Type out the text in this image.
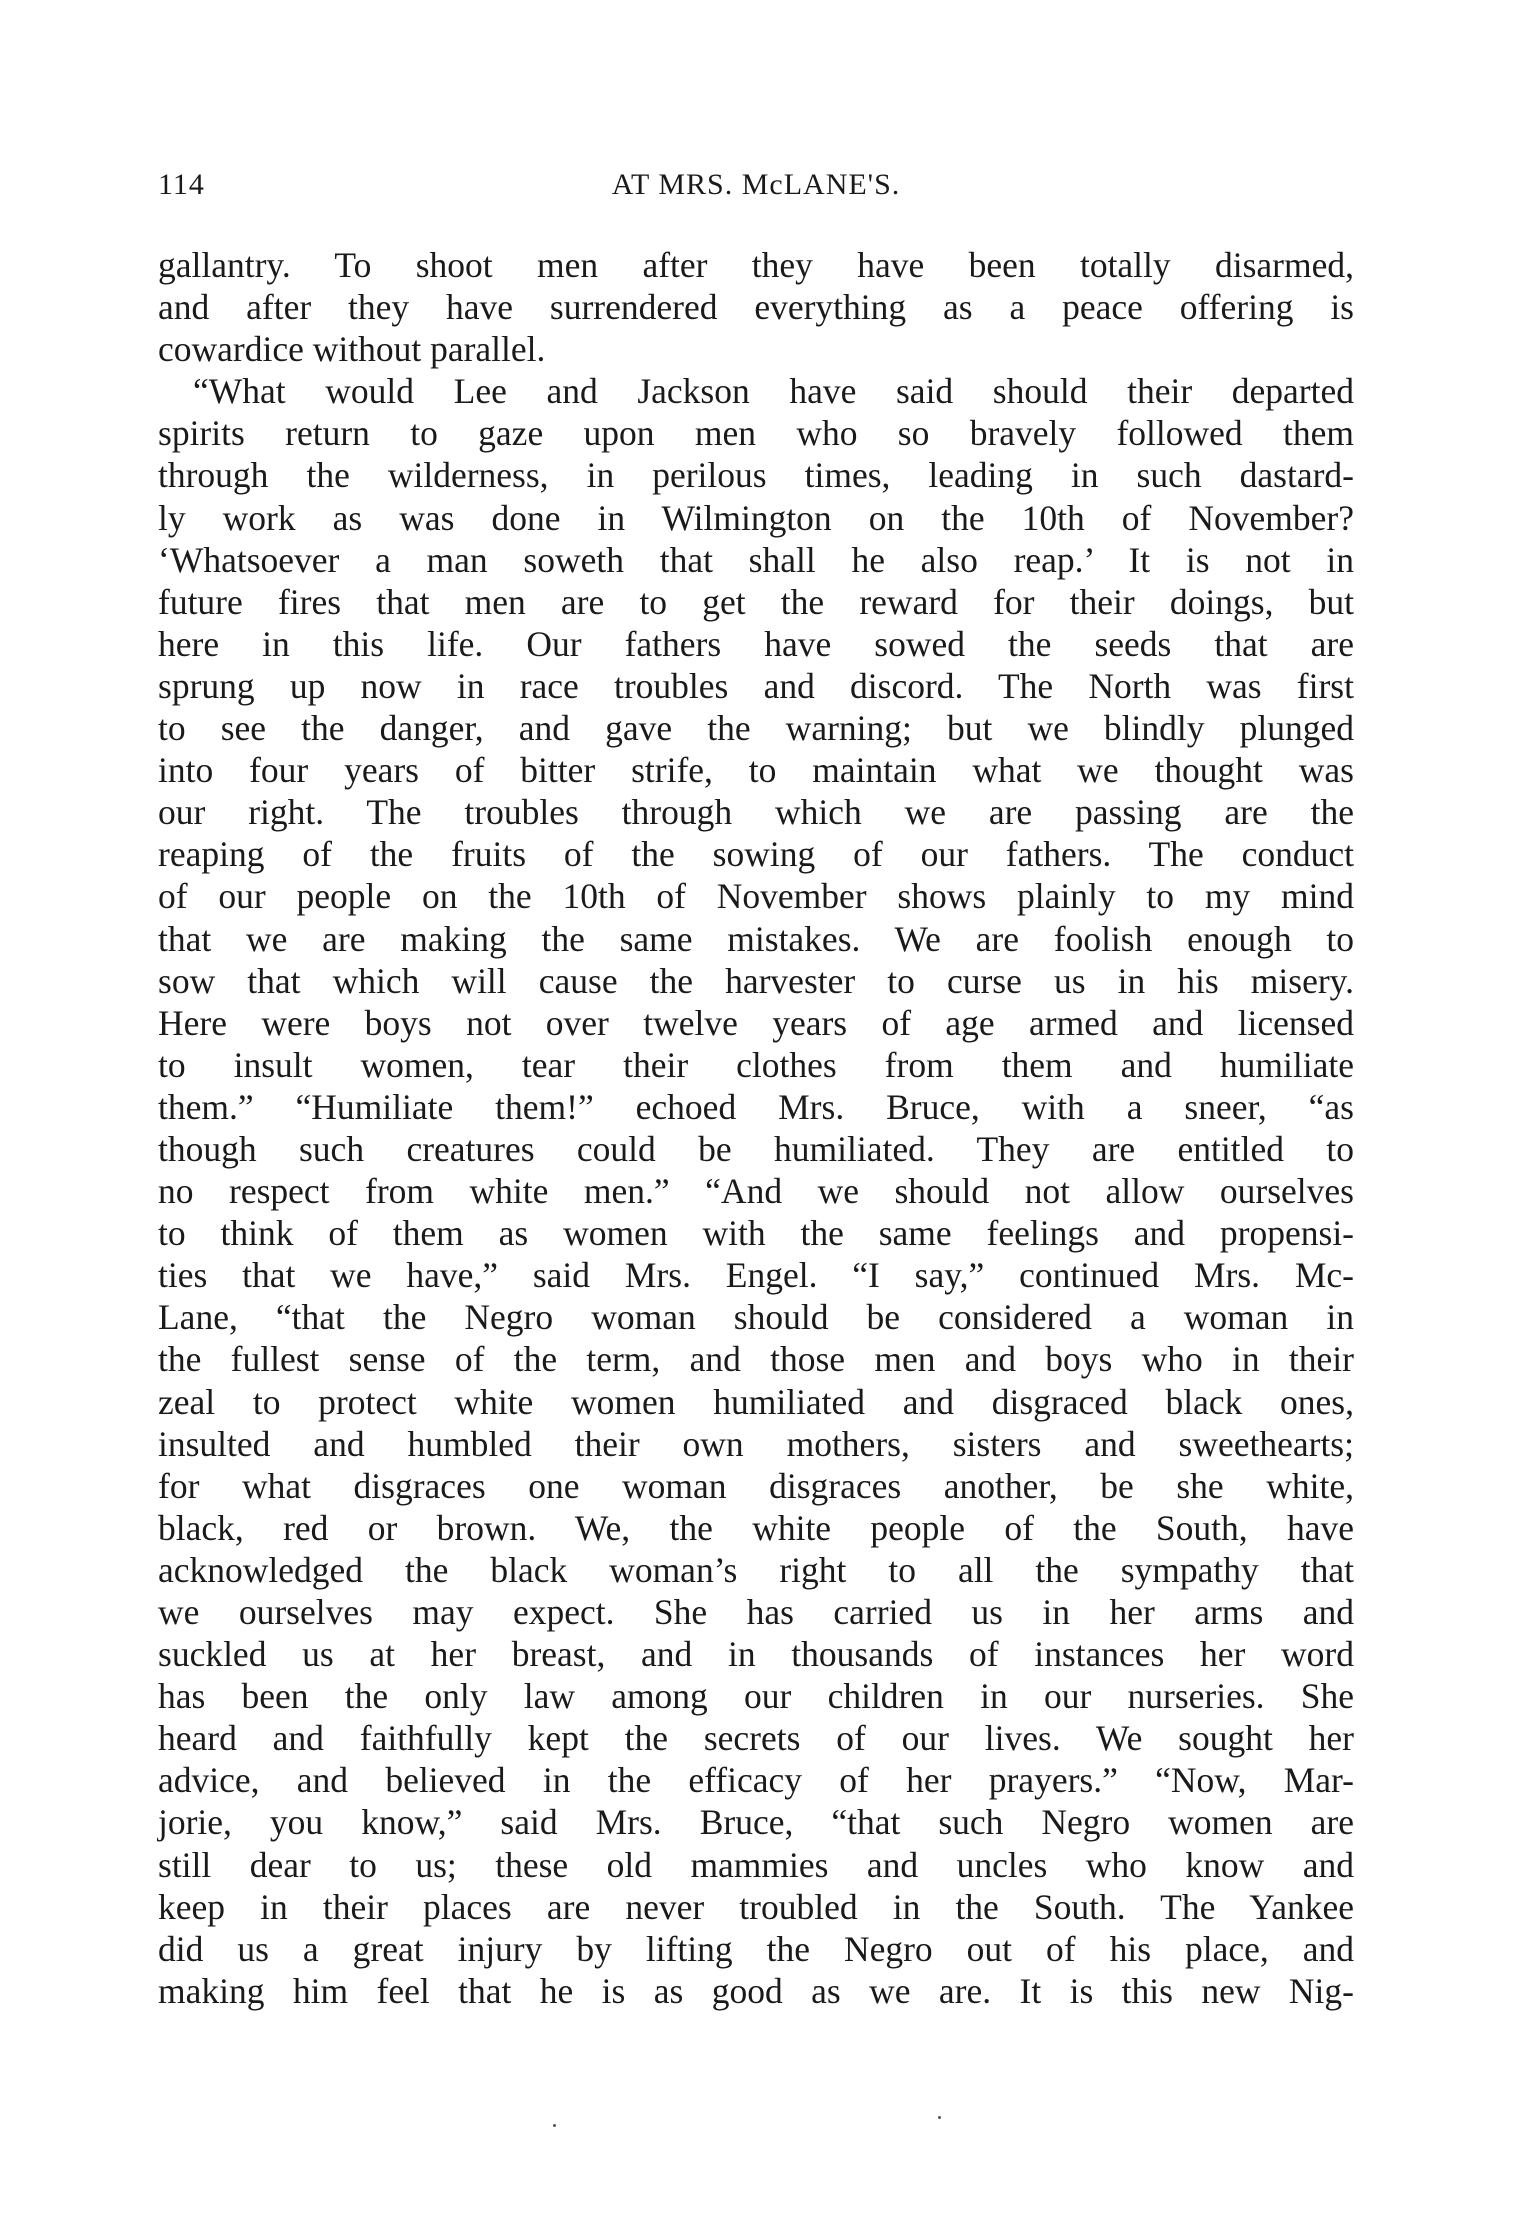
114	AT MRS. McLANE'S.
gallantry. To shoot men after they have been totally disarmed,
and after they have surrendered everything as a peace offering is
cowardice without parallel.
“What would Lee and Jackson have said should their departed
spirits return to gaze upon men who so bravely followed them
through the wilderness, in perilous times, leading in such dastard-
ly work as was done in Wilmington on the 10th of November?
‘Whatsoever a man soweth that shall he also reap.’ It is not in
future fires that men are to get the reward for their doings, but
here in this life. Our fathers have sowed the seeds that are
sprung up now in race troubles and discord. The North was first
to see the danger, and gave the warning; but we blindly plunged
into four years of bitter strife, to maintain what we thought was
our right. The troubles through which we are passing are the
reaping of the fruits of the sowing of our fathers. The conduct
of our people on the 10th of November shows plainly to my mind
that we are making the same mistakes. We are foolish enough to
sow that which will cause the harvester to curse us in his misery.
Here were boys not over twelve years of age armed and licensed
to insult women, tear their clothes from them and humiliate
them.” “Humiliate them!” echoed Mrs. Bruce, with a sneer, “as
though such creatures could be humiliated. They are entitled to
no respect from white men.” “And we should not allow ourselves
to think of them as women with the same feelings and propensi-
ties that we have,” said Mrs. Engel. “I say,” continued Mrs. Mc-
Lane, “that the Negro woman should be considered a woman in
the fullest sense of the term, and those men and boys who in their
zeal to protect white women humiliated and disgraced black ones,
insulted and humbled their own mothers, sisters and sweethearts;
for what disgraces one woman disgraces another, be she white,
black, red or brown. We, the white people of the South, have
acknowledged the black woman’s right to all the sympathy that
we ourselves may expect. She has carried us in her arms and
suckled us at her breast, and in thousands of instances her word
has been the only law among our children in our nurseries. She
heard and faithfully kept the secrets of our lives. We sought her
advice, and believed in the efficacy of her prayers.” “Now, Mar-
jorie, you know,” said Mrs. Bruce, “that such Negro women are
still dear to us; these old mammies and uncles who know and
keep in their places are never troubled in the South. The Yankee
did us a great injury by lifting the Negro out of his place, and
making him feel that he is as good as we are. It is this new Nig-
